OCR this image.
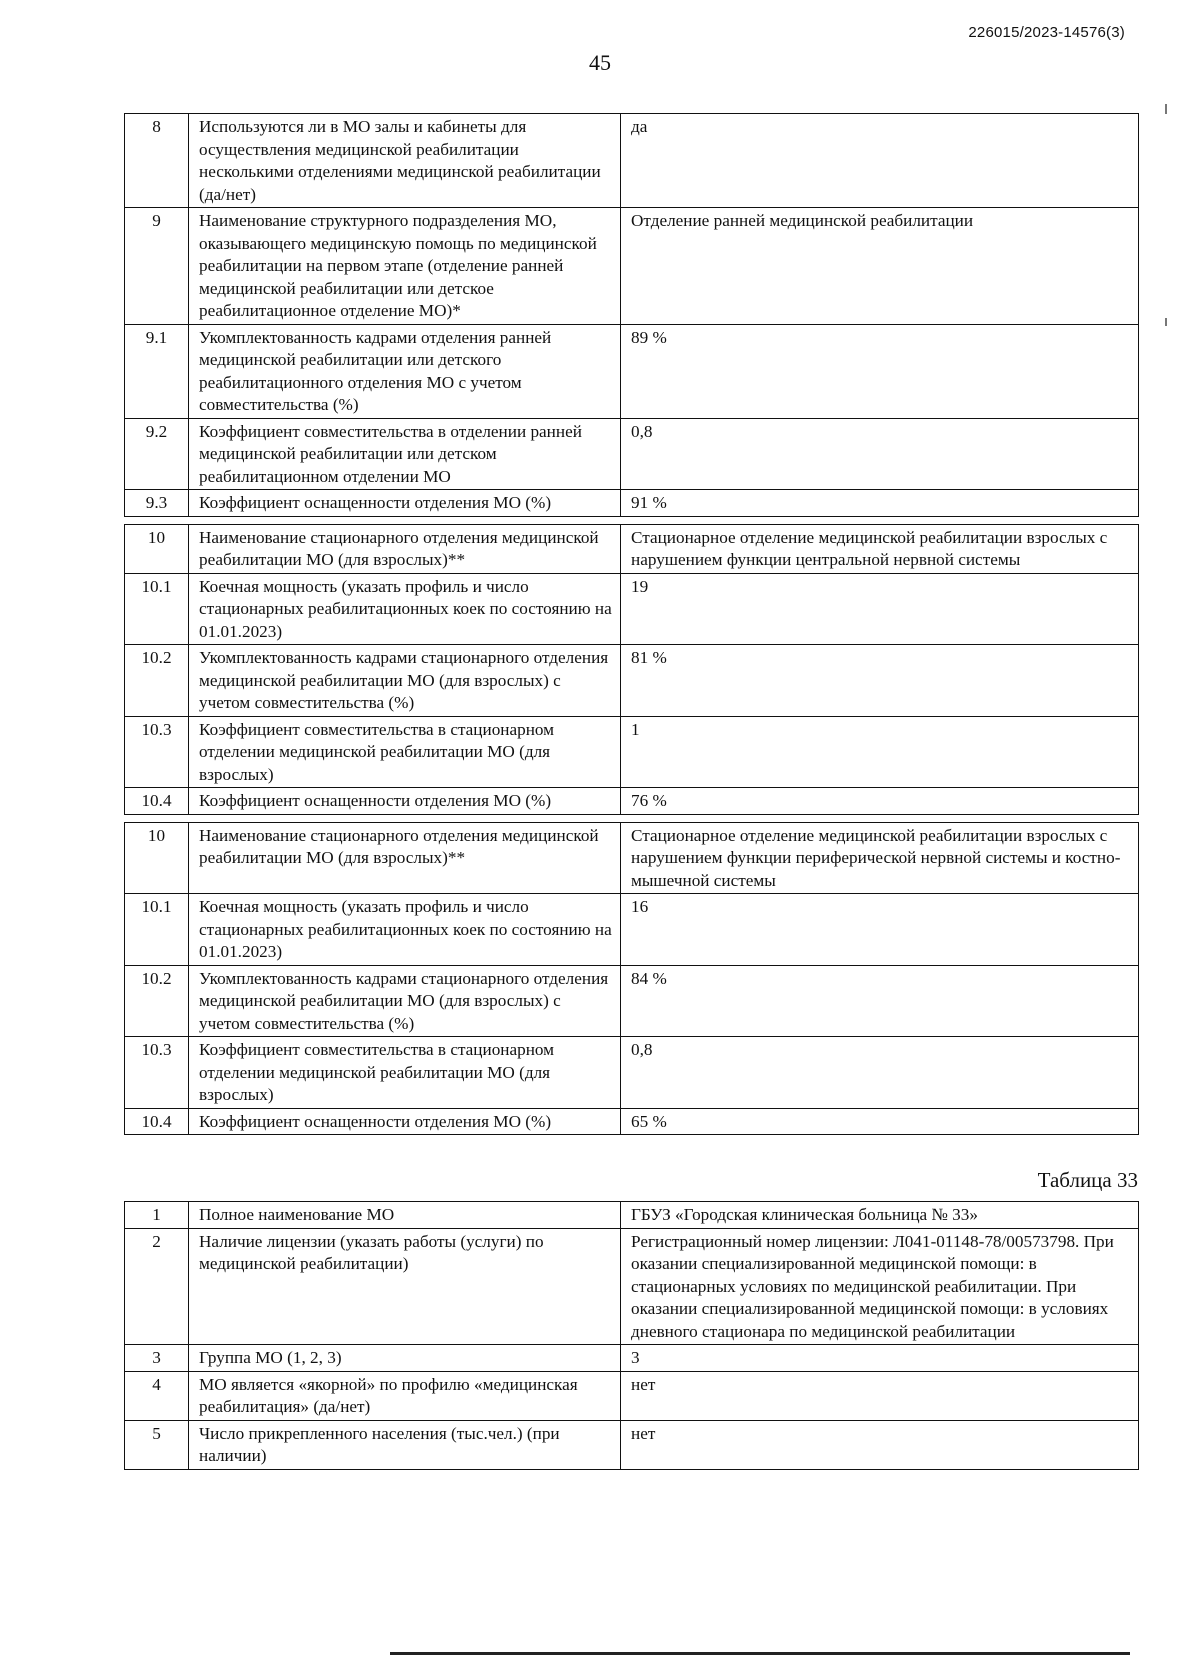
226015/2023-14576(3)
45
8	Используются ли в МО залы и кабинеты для осуществления медицинской реабилитации несколькими отделениями медицинской реабилитации (да/нет)	да
9	Наименование структурного подразделения МО, оказывающего медицинскую помощь по медицинской реабилитации на первом этапе (отделение ранней медицинской реабилитации или детское реабилитационное отделение МО)*	Отделение ранней медицинской реабилитации
9.1	Укомплектованность кадрами отделения ранней медицинской реабилитации или детского реабилитационного отделения МО с учетом совместительства (%)	89 %
9.2	Коэффициент совместительства в отделении ранней медицинской реабилитации или детском реабилитационном отделении МО	0,8
9.3	Коэффициент оснащенности отделения МО (%)	91 %

10	Наименование стационарного отделения медицинской реабилитации МО (для взрослых)**	Стационарное отделение медицинской реабилитации взрослых с нарушением функции центральной нервной системы
10.1	Коечная мощность (указать профиль и число стационарных реабилитационных коек по состоянию на 01.01.2023)	19
10.2	Укомплектованность кадрами стационарного отделения медицинской реабилитации МО (для взрослых) с учетом совместительства (%)	81 %
10.3	Коэффициент совместительства в стационарном отделении медицинской реабилитации МО (для взрослых)	1
10.4	Коэффициент оснащенности отделения МО (%)	76 %

10	Наименование стационарного отделения медицинской реабилитации МО (для взрослых)**	Стационарное отделение медицинской реабилитации взрослых с нарушением функции периферической нервной системы и костно-мышечной системы
10.1	Коечная мощность (указать профиль и число стационарных реабилитационных коек по состоянию на 01.01.2023)	16
10.2	Укомплектованность кадрами стационарного отделения медицинской реабилитации МО (для взрослых) с учетом совместительства (%)	84 %
10.3	Коэффициент совместительства в стационарном отделении медицинской реабилитации МО (для взрослых)	0,8
10.4	Коэффициент оснащенности отделения МО (%)	65 %
Таблица 33
1	Полное наименование МО	ГБУЗ «Городская клиническая больница № 33»
2	Наличие лицензии (указать работы (услуги) по медицинской реабилитации)	Регистрационный номер лицензии: Л041-01148-78/00573798. При оказании специализированной медицинской помощи: в стационарных условиях по медицинской реабилитации. При оказании специализированной медицинской помощи: в условиях дневного стационара по медицинской реабилитации
3	Группа МО (1, 2, 3)	3
4	МО является «якорной» по профилю «медицинская реабилитация» (да/нет)	нет
5	Число прикрепленного населения (тыс.чел.) (при наличии)	нет
